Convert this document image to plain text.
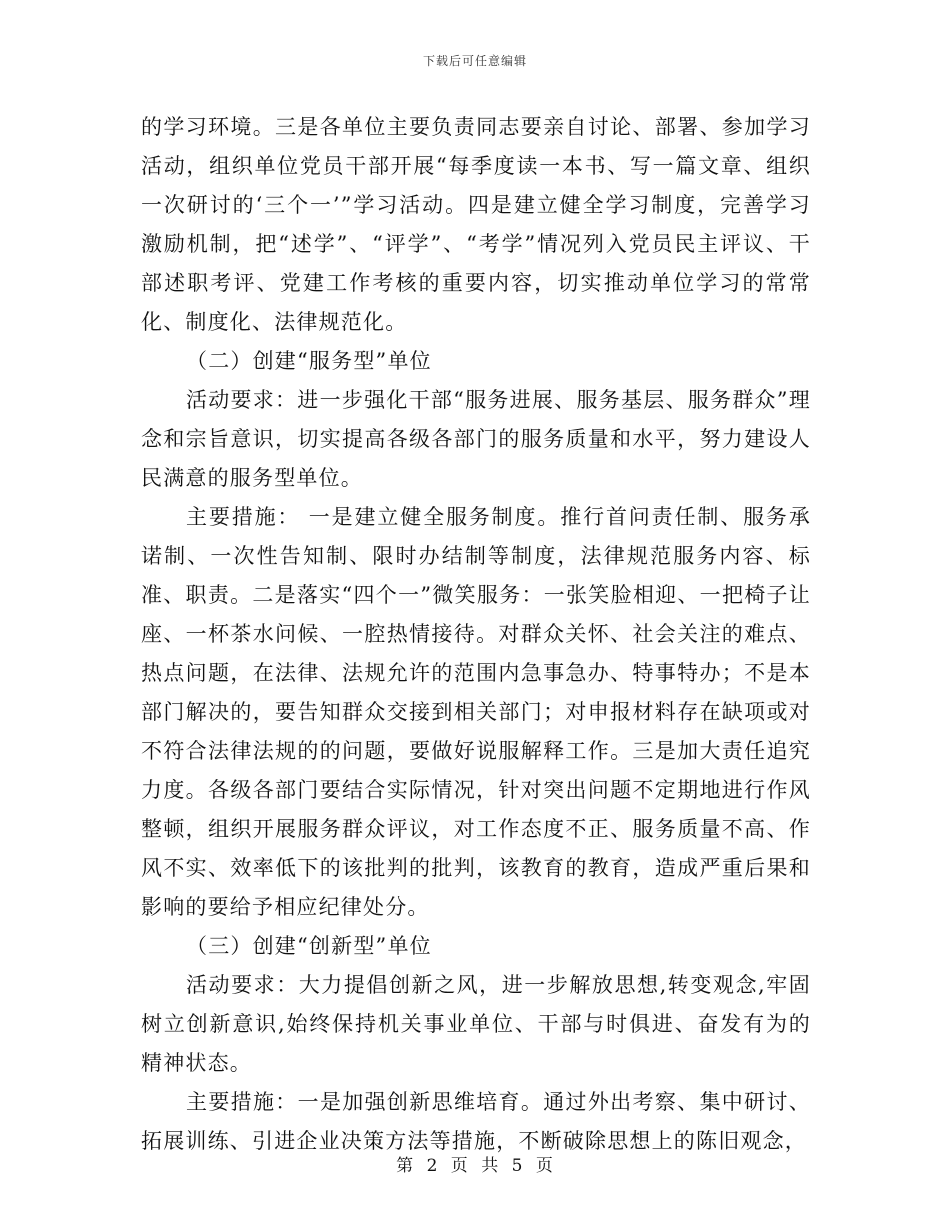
下载后可任意编辑

的学习环境。三是各单位主要负责同志要亲自讨论、部署、参加学习活动，组织单位党员干部开展“每季度读一本书、写一篇文章、组织一次研讨的‘三个一’”学习活动。四是建立健全学习制度，完善学习激励机制，把“述学”、“评学”、“考学”情况列入党员民主评议、干部述职考评、党建工作考核的重要内容，切实推动单位学习的常常化、制度化、法律规范化。

（二）创建“服务型”单位

活动要求：进一步强化干部“服务进展、服务基层、服务群众”理念和宗旨意识，切实提高各级各部门的服务质量和水平，努力建设人民满意的服务型单位。

主要措施： 一是建立健全服务制度。推行首问责任制、服务承诺制、一次性告知制、限时办结制等制度，法律规范服务内容、标准、职责。二是落实“四个一”微笑服务：一张笑脸相迎、一把椅子让座、一杯茶水问候、一腔热情接待。对群众关怀、社会关注的难点、热点问题，在法律、法规允许的范围内急事急办、特事特办；不是本部门解决的，要告知群众交接到相关部门；对申报材料存在缺项或对不符合法律法规的的问题，要做好说服解释工作。三是加大责任追究力度。各级各部门要结合实际情况，针对突出问题不定期地进行作风整顿，组织开展服务群众评议，对工作态度不正、服务质量不高、作风不实、效率低下的该批判的批判，该教育的教育，造成严重后果和影响的要给予相应纪律处分。

（三）创建“创新型”单位

活动要求：大力提倡创新之风，进一步解放思想,转变观念,牢固树立创新意识,始终保持机关事业单位、干部与时俱进、奋发有为的精神状态。

主要措施：一是加强创新思维培育。通过外出考察、集中研讨、拓展训练、引进企业决策方法等措施，不断破除思想上的陈旧观念，

第 2 页 共 5 页
